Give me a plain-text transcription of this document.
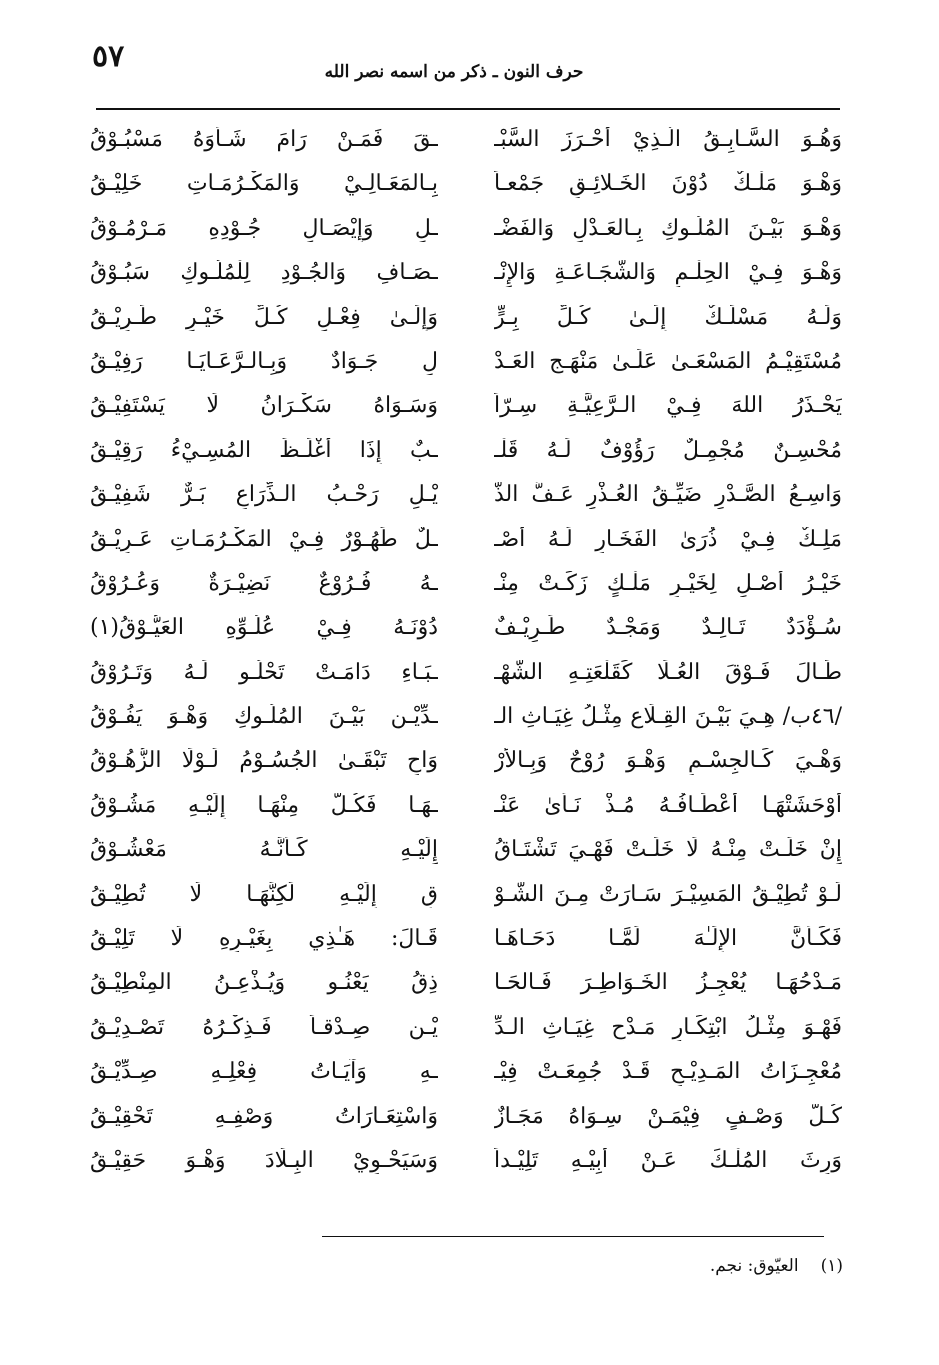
٥٧	حرف النون ـ ذكر من اسمه نصر الله
وَهُـوَ السَّـابِـقُ الَّـذِيْ أَحْـرَزَ السَّبْـ
ـقَ فَمَـنْ رَامَ شَـأْوَهُ مَسْبُـوْقُ
وَهْـوَ مَلْـكٌ دُوْنَ الخَـلائِـقِ جَمْعـاً
بِـالمَعَـالِـيْ وَالمَكْـرُمَـاتِ خَلِيْـقُ
وَهْـوَ بَيْـنَ المُلُـوكِ بِـالعَـدْلِ وَالفَضْـ
ـلِ وَإِيْصَـالِ جُـوْدِهِ مَـرْمُـوْقُ
وَهْـوَ فِـيْ الحِلْـمِ وَالشَّجَـاعَـةِ وَالإِنْـ
ـصَـافِ وَالجُـوْدِ لِلْمُلُـوكِ سَبُـوْقُ
وَلَـهُ مَسْلَـكٌ إِلَـىٰ كُـلِّ بِـرٍّ
وَإِلَـىٰ فِعْـلِ كُـلِّ خَيْـرٍ طَـرِيْـقُ
مُسْتَقِيْـمُ المَسْعَـىٰ عَلَـىٰ مَنْهَـجِ العَـدْ
لِ جَـوَادٌ وَبِـالـرَّعَـايَـا رَفِيْـقُ
يَحْـذَرُ اللهَ فِـيْ الـرَّعِيَّـةِ سِـرّاً
وَسَـوَاهُ سَكْـرَانُ لَا يَسْتَفِيْـقُ
مُحْسِـنٌ مُجْمِـلٌ رَؤُوْفٌ لَـهُ قَلْـ
ـبٌ إِذَا أَغْلَـظَ المُسِـيْءُ رَقِيْـقُ
وَاسِـعُ الصَّـدْرِ ضَيِّـقُ العُـذْرِ عَـفُّ الذَّ
يْـلِ رَحْـبُ الـذِّرَاعِ بَـرٌّ شَفِيْـقُ
مَلِـكٌ فِـيْ ذُرَىٰ الفَخَـارِ لَـهُ أَصْـ
ـلٌ طَهُـوْرٌ فِـيْ المَكْـرُمَـاتِ عَـرِيْـقُ
خَيْـرُ أَصْـلٍ لِخَيْـرِ مَلْـكٍ زَكَـتْ مِنْـ
ـهُ فُـرُوْعٌ نَضِيْـرَةٌ وَعُـرُوْقُ
سُـؤْدَدٌ تَـالِـدٌ وَمَجْـدٌ طَـرِيْـفٌ
دُوْنَـهُ فِـيْ عُلُـوِّهِ العَيُّـوْقُ(١)
طَـالَ فَـوْقَ العُـلَا كَقَلْعَتِـهِ الشَّهْـ
ـبَـاءِ دَامَـتْ تَحْلُـو لَـهُ وَتَـرُوْقُ
/٤٦ب/ هِـيَ بَيْـنَ القِـلَاعِ مِثْـلُ غِيَـاثِ الـ
ـدِّيْـنِ بَيْـنَ المُلُـوكِ وَهْـوَ يَفُـوْقُ
وَهْـيَ كَـالجِسْـمِ وَهْـوَ رُوْحٌ وَبِـالأَرْ
وَاحِ تَبْقَـىٰ الجُسُـوْمُ لَـوْلَا الزُّهُـوْقُ
أَوْحَشَتْهَـا أَعْطَـافُـهُ مُـذْ نَـأَىٰ عَنْـ
ـهَـا فَكُـلٌّ مِنْهَـا إِلَيْـهِ مَشُـوْقُ
إِنْ خَلَـتْ مِنْـهُ لَا خَلَـتْ فَهْـيَ تَشْتَـاقُ
إِلَيْـهِ كَـأَنَّـهُ مَعْشُـوْقُ
لَـوْ تُطِيْـقُ المَسِيْـرَ سَـارَتْ مِـنَ الشَّـوْ
قِ إِلَيْـهِ لَكِنَّهَـا لَا تُطِيْـقُ
فَكَـأَنَّ الإِلَـٰهَ لَمَّـا دَحَـاهَـا
قَـالَ: هَـٰذِي بِغَيْـرِهِ لَا تَلِيْـقُ
مَـدْحُهَـا يُعْجِـزُ الخَـوَاطِـرَ فَـالحَـا
ذِقُ يَعْنُـو وَيُـذْعِـنُ المِنْطِيْـقُ
فَهْـوَ مِثْـلُ ابْتِكَـارِ مَـدْحِ غِيَـاثِ الـدِّ
يْـنِ صِـدْقـاً فَـذِكْـرُهُ تَصْـدِيْـقُ
مُعْجِـزَاتُ المَـدِيْـحِ قَـدْ جُمِعَـتْ فِيْـ
ـهِ وَآيَـاتُ فِعْلِـهِ صِـدِّيْـقُ
كُـلُّ وَصْـفٍ فِيْمَـنْ سِـوَاهُ مَجَـازٌ
وَاسْتِعَـارَاتُ وَصْفِـهِ تَحْقِيْـقُ
وَرِثَ المُلْـكَ عَـنْ أَبِيْـهِ تَلِيْـداً
وَسَيَحْـوِيْ البِـلَادَ وَهْـوَ حَقِيْـقُ
(١)
العيّوق: نجم.
